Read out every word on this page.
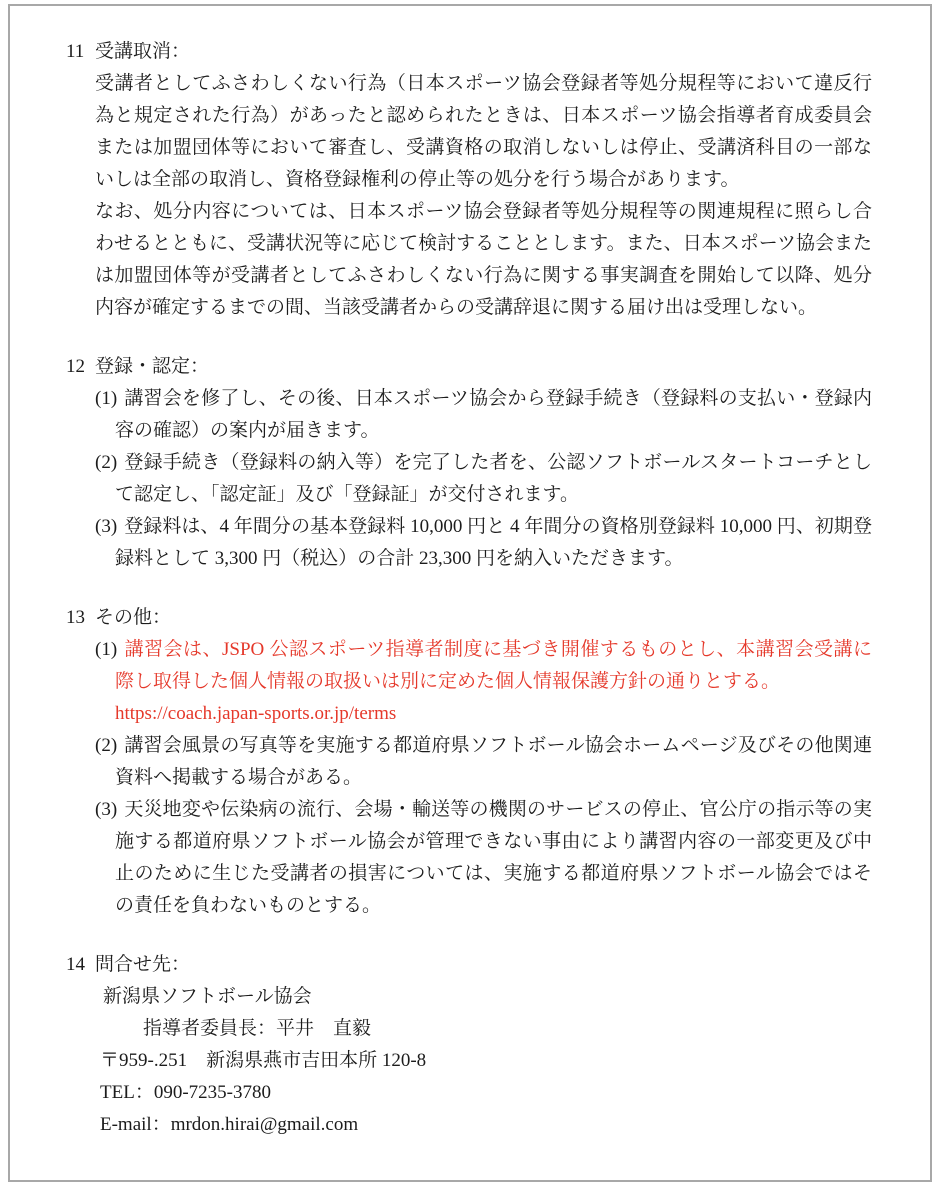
11 受講取消：

受講者としてふさわしくない行為（日本スポーツ協会登録者等処分規程等において違反行為と規定された行為）があったと認められたときは、日本スポーツ協会指導者育成委員会または加盟団体等において審査し、受講資格の取消しないしは停止、受講済科目の一部ないしは全部の取消し、資格登録権利の停止等の処分を行う場合があります。

なお、処分内容については、日本スポーツ協会登録者等処分規程等の関連規程に照らし合わせるとともに、受講状況等に応じて検討することとします。また、日本スポーツ協会または加盟団体等が受講者としてふさわしくない行為に関する事実調査を開始して以降、処分内容が確定するまでの間、当該受講者からの受講辞退に関する届け出は受理しない。

12 登録・認定：

(1) 講習会を修了し、その後、日本スポーツ協会から登録手続き（登録料の支払い・登録内容の確認）の案内が届きます。

(2) 登録手続き（登録料の納入等）を完了した者を、公認ソフトボールスタートコーチとして認定し、「認定証」及び「登録証」が交付されます。

(3) 登録料は、4 年間分の基本登録料 10,000 円と 4 年間分の資格別登録料 10,000 円、初期登録料として 3,300 円（税込）の合計 23,300 円を納入いただきます。

13 その他：

(1) 講習会は、JSPO 公認スポーツ指導者制度に基づき開催するものとし、本講習会受講に際し取得した個人情報の取扱いは別に定めた個人情報保護方針の通りとする。
https://coach.japan-sports.or.jp/terms

(2) 講習会風景の写真等を実施する都道府県ソフトボール協会ホームページ及びその他関連資料へ掲載する場合がある。

(3) 天災地変や伝染病の流行、会場・輸送等の機関のサービスの停止、官公庁の指示等の実施する都道府県ソフトボール協会が管理できない事由により講習内容の一部変更及び中止のために生じた受講者の損害については、実施する都道府県ソフトボール協会ではその責任を負わないものとする。

14 問合せ先：

新潟県ソフトボール協会

指導者委員長：平井　直毅

〒959-.251　新潟県燕市吉田本所 120-8

TEL：090-7235-3780

E-mail：mrdon.hirai@gmail.com
